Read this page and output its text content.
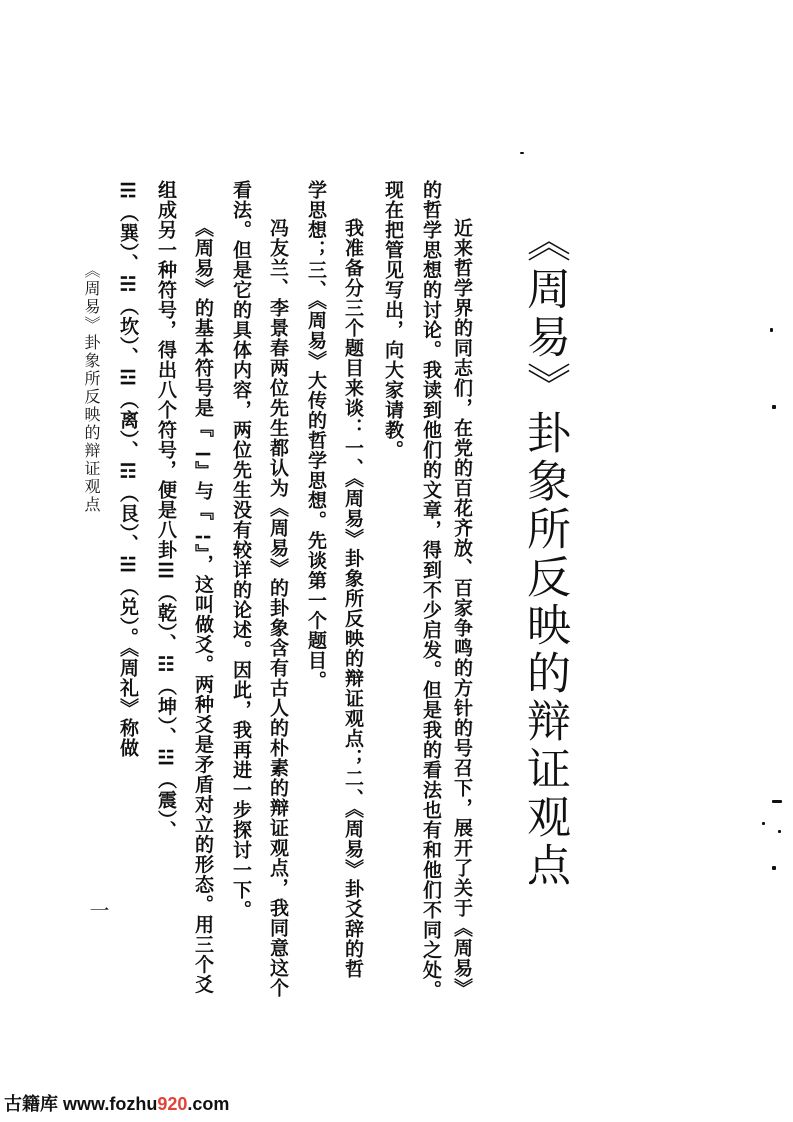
《周易》卦象所反映的辩证观点
近来哲学界的同志们，在党的百花齐放、百家争鸣的方针的号召下，展开了关于《周易》
的哲学思想的讨论。我读到他们的文章，得到不少启发。但是我的看法也有和他们不同之处。
现在把管见写出，向大家请教。
我准备分三个题目来谈：一、《周易》卦象所反映的辩证观点；二、《周易》卦爻辞的哲
学思想；三、《周易》大传的哲学思想。先谈第一个题目。
冯友兰、李景春两位先生都认为《周易》的卦象含有古人的朴素的辩证观点，我同意这个
看法。但是它的具体内容，两位先生没有较详的论述。因此，我再进一步探讨一下。
《周易》的基本符号是『⚊』与『⚋』，这叫做爻。两种爻是矛盾对立的形态。用三个爻
组成另一种符号，得出八个符号，便是八卦☰（乾）、☷（坤）、☳（震）、
☴（巽）、☵（坎）、☲（离）、☶（艮）、☱（兑）。《周礼》称做
《周易》卦象所反映的辩证观点
一
古籍库 www.fozhu920.com
